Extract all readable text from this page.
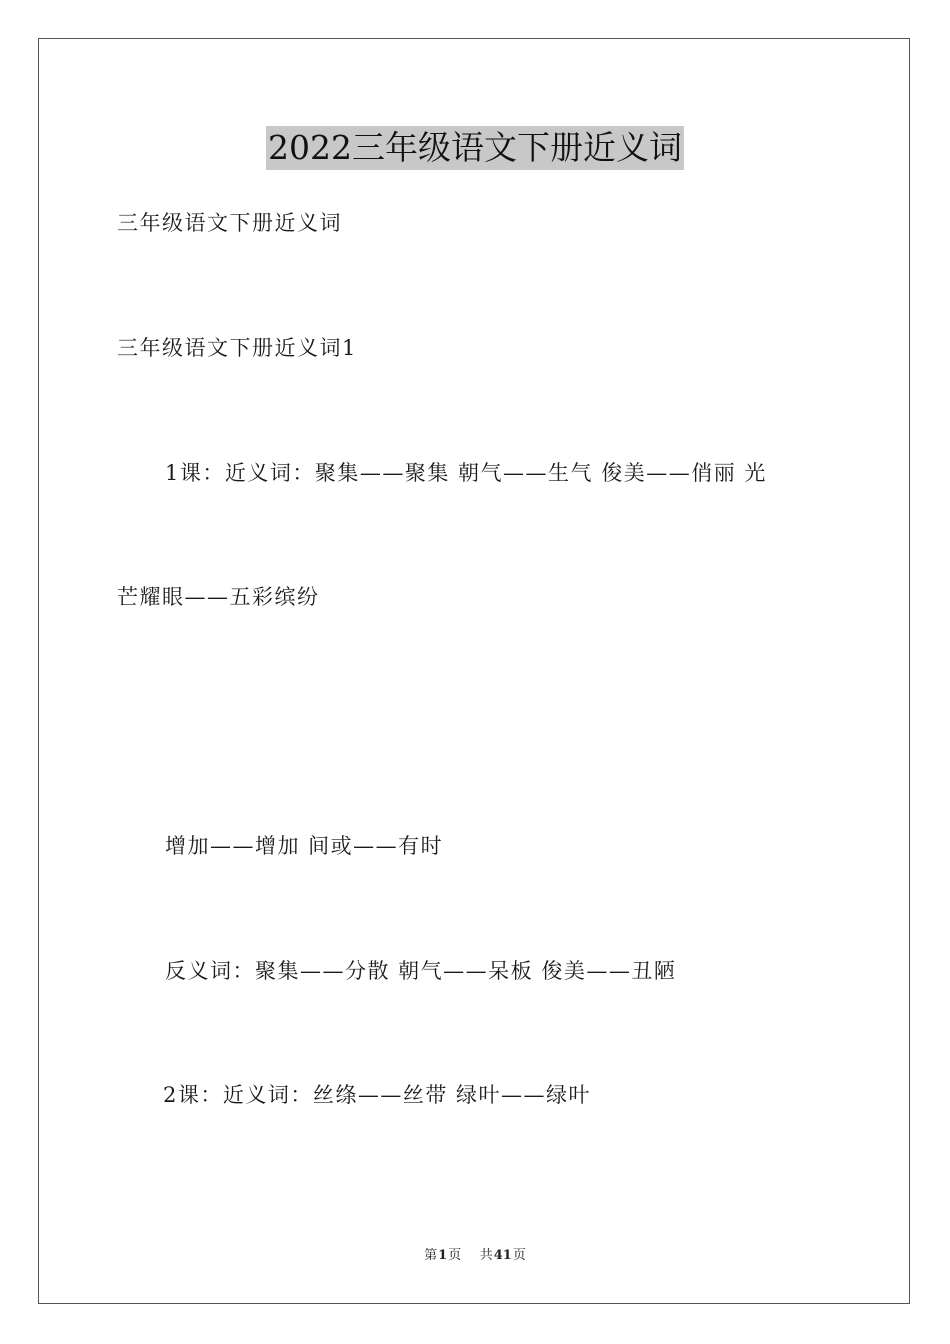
2022三年级语文下册近义词
三年级语文下册近义词
三年级语文下册近义词1
1课：近义词：聚集——聚集 朝气——生气 俊美——俏丽 光
芒耀眼——五彩缤纷
增加——增加 间或——有时
反义词：聚集——分散 朝气——呆板 俊美——丑陋
2课：近义词：丝绦——丝带 绿叶——绿叶
第1页 共41页
